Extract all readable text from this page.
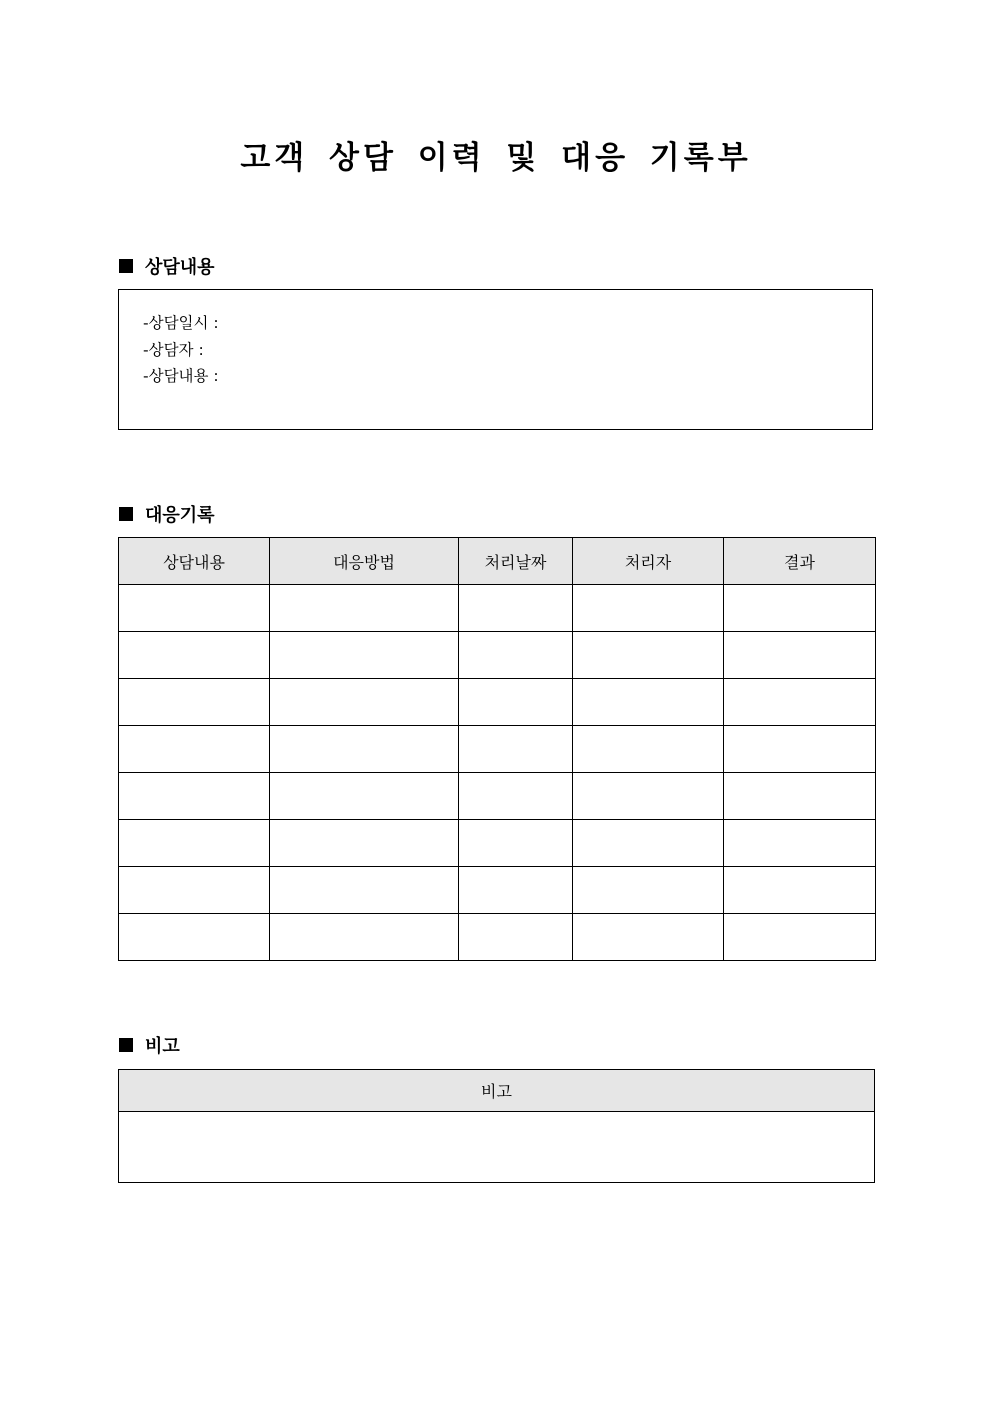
고객 상담 이력 및 대응 기록부
상담내용
-상담일시 :
-상담자 :
-상담내용 :
대응기록
상담내용	대응방법	처리날짜	처리자	결과

비고
비고
